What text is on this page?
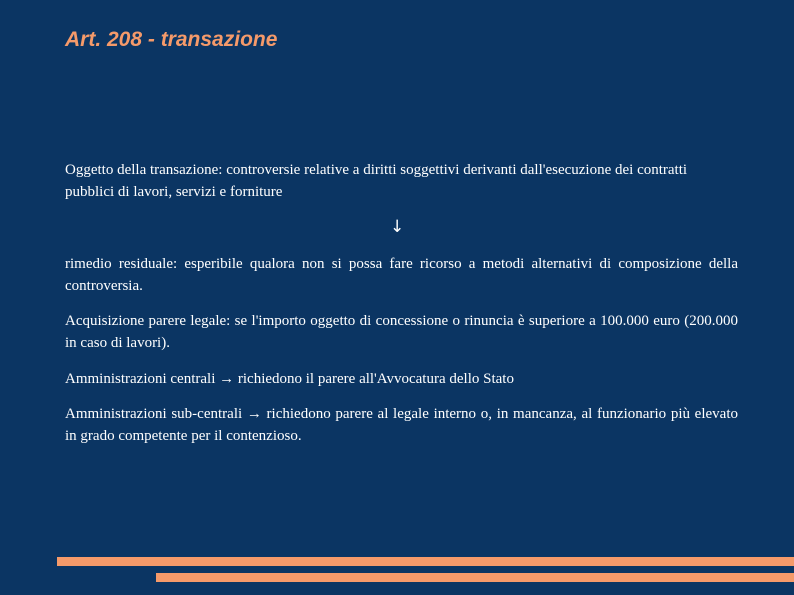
Art. 208 - transazione

Oggetto della transazione: controversie relative a diritti soggettivi derivanti dall'esecuzione dei contratti pubblici di lavori, servizi e forniture

↓

rimedio residuale: esperibile qualora non si possa fare ricorso a metodi alternativi di composizione della controversia.

Acquisizione parere legale: se l'importo oggetto di concessione o rinuncia è superiore a 100.000 euro (200.000 in caso di lavori).

Amministrazioni centrali → richiedono il parere all'Avvocatura dello Stato

Amministrazioni sub-centrali → richiedono parere al legale interno o, in mancanza, al funzionario più elevato in grado competente per il contenzioso.
